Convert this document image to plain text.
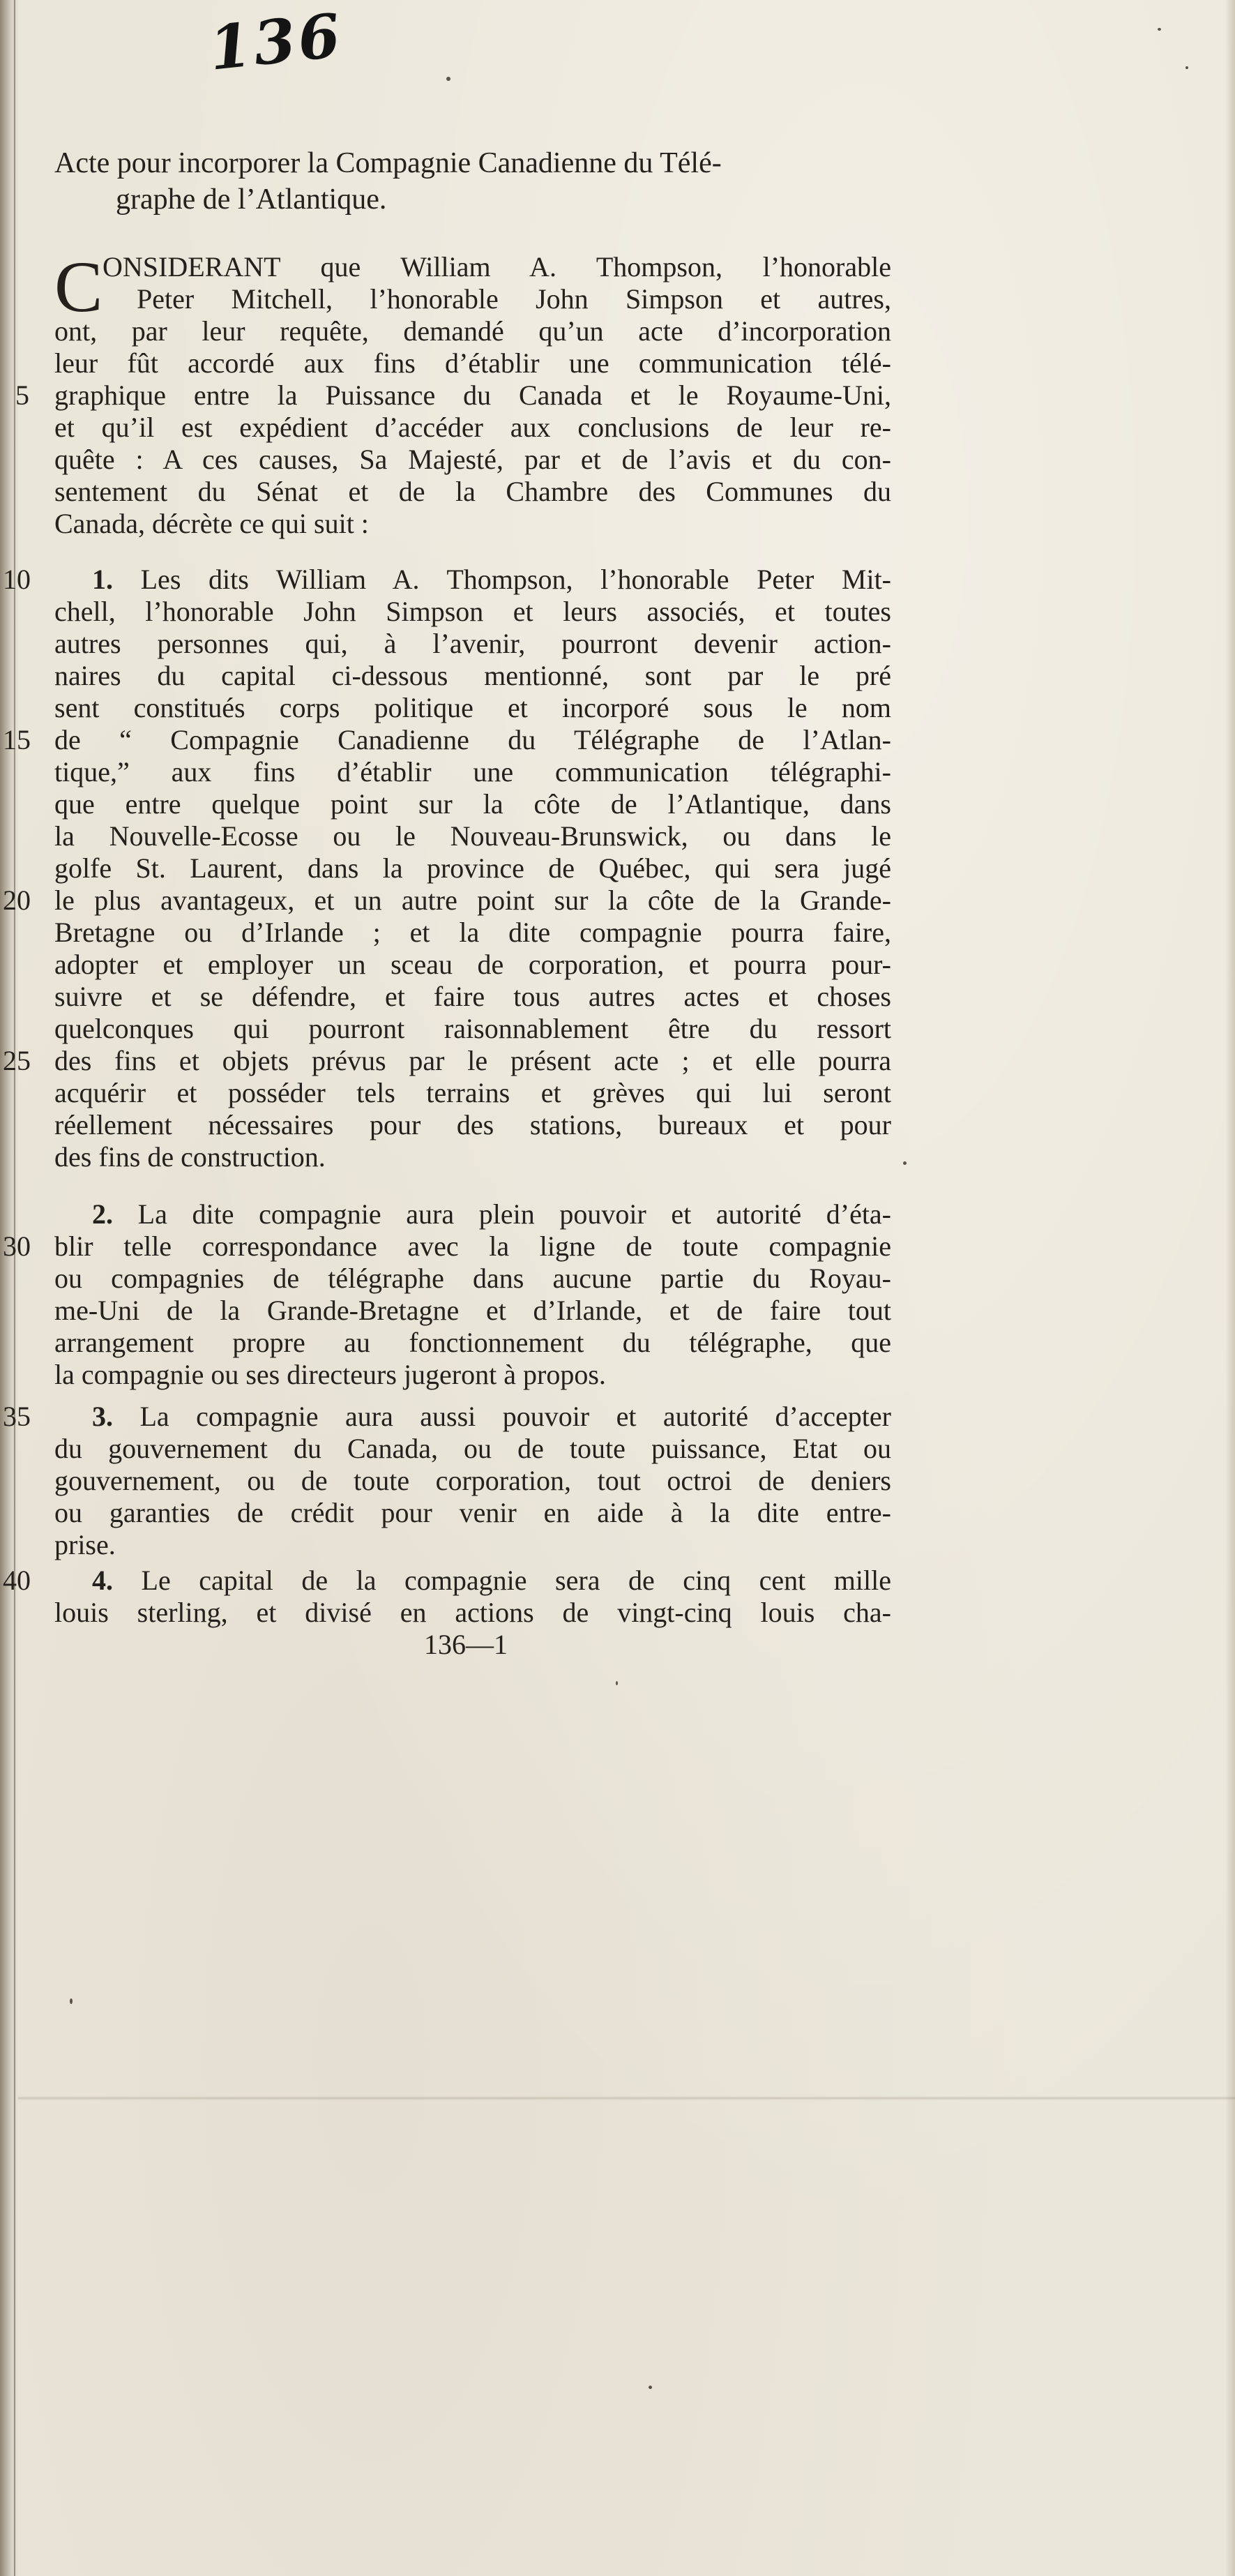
136
Acte pour incorporer la Compagnie Canadienne du Télé-
graphe de l’Atlantique.
C ONSIDERANT que William A. Thompson, l’honorable
Peter Mitchell, l’honorable John Simpson et autres,
ont, par leur requête, demandé qu’un acte d’incorporation
leur fût accordé aux fins d’établir une communication télé-
graphique entre la Puissance du Canada et le Royaume-Uni,
et qu’il est expédient d’accéder aux conclusions de leur re-
quête : A ces causes, Sa Majesté, par et de l’avis et du con-
sentement du Sénat et de la Chambre des Communes du
Canada, décrète ce qui suit :
1. Les dits William A. Thompson, l’honorable Peter Mit-
chell, l’honorable John Simpson et leurs associés, et toutes
autres personnes qui, à l’avenir, pourront devenir action-
naires du capital ci-dessous mentionné, sont par le pré
sent constitués corps politique et incorporé sous le nom
de “ Compagnie Canadienne du Télégraphe de l’Atlan-
tique,” aux fins d’établir une communication télégraphi-
que entre quelque point sur la côte de l’Atlantique, dans
la Nouvelle-Ecosse ou le Nouveau-Brunswick, ou dans le
golfe St. Laurent, dans la province de Québec, qui sera jugé
le plus avantageux, et un autre point sur la côte de la Grande-
Bretagne ou d’Irlande ; et la dite compagnie pourra faire,
adopter et employer un sceau de corporation, et pourra pour-
suivre et se défendre, et faire tous autres actes et choses
quelconques qui pourront raisonnablement être du ressort
des fins et objets prévus par le présent acte ; et elle pourra
acquérir et posséder tels terrains et grèves qui lui seront
réellement nécessaires pour des stations, bureaux et pour
des fins de construction.
2. La dite compagnie aura plein pouvoir et autorité d’éta-
blir telle correspondance avec la ligne de toute compagnie
ou compagnies de télégraphe dans aucune partie du Royau-
me-Uni de la Grande-Bretagne et d’Irlande, et de faire tout
arrangement propre au fonctionnement du télégraphe, que
la compagnie ou ses directeurs jugeront à propos.
3. La compagnie aura aussi pouvoir et autorité d’accepter
du gouvernement du Canada, ou de toute puissance, Etat ou
gouvernement, ou de toute corporation, tout octroi de deniers
ou garanties de crédit pour venir en aide à la dite entre-
prise.
4. Le capital de la compagnie sera de cinq cent mille
louis sterling, et divisé en actions de vingt-cinq louis cha-
5
10
15
20
25
30
35
40
136—1
